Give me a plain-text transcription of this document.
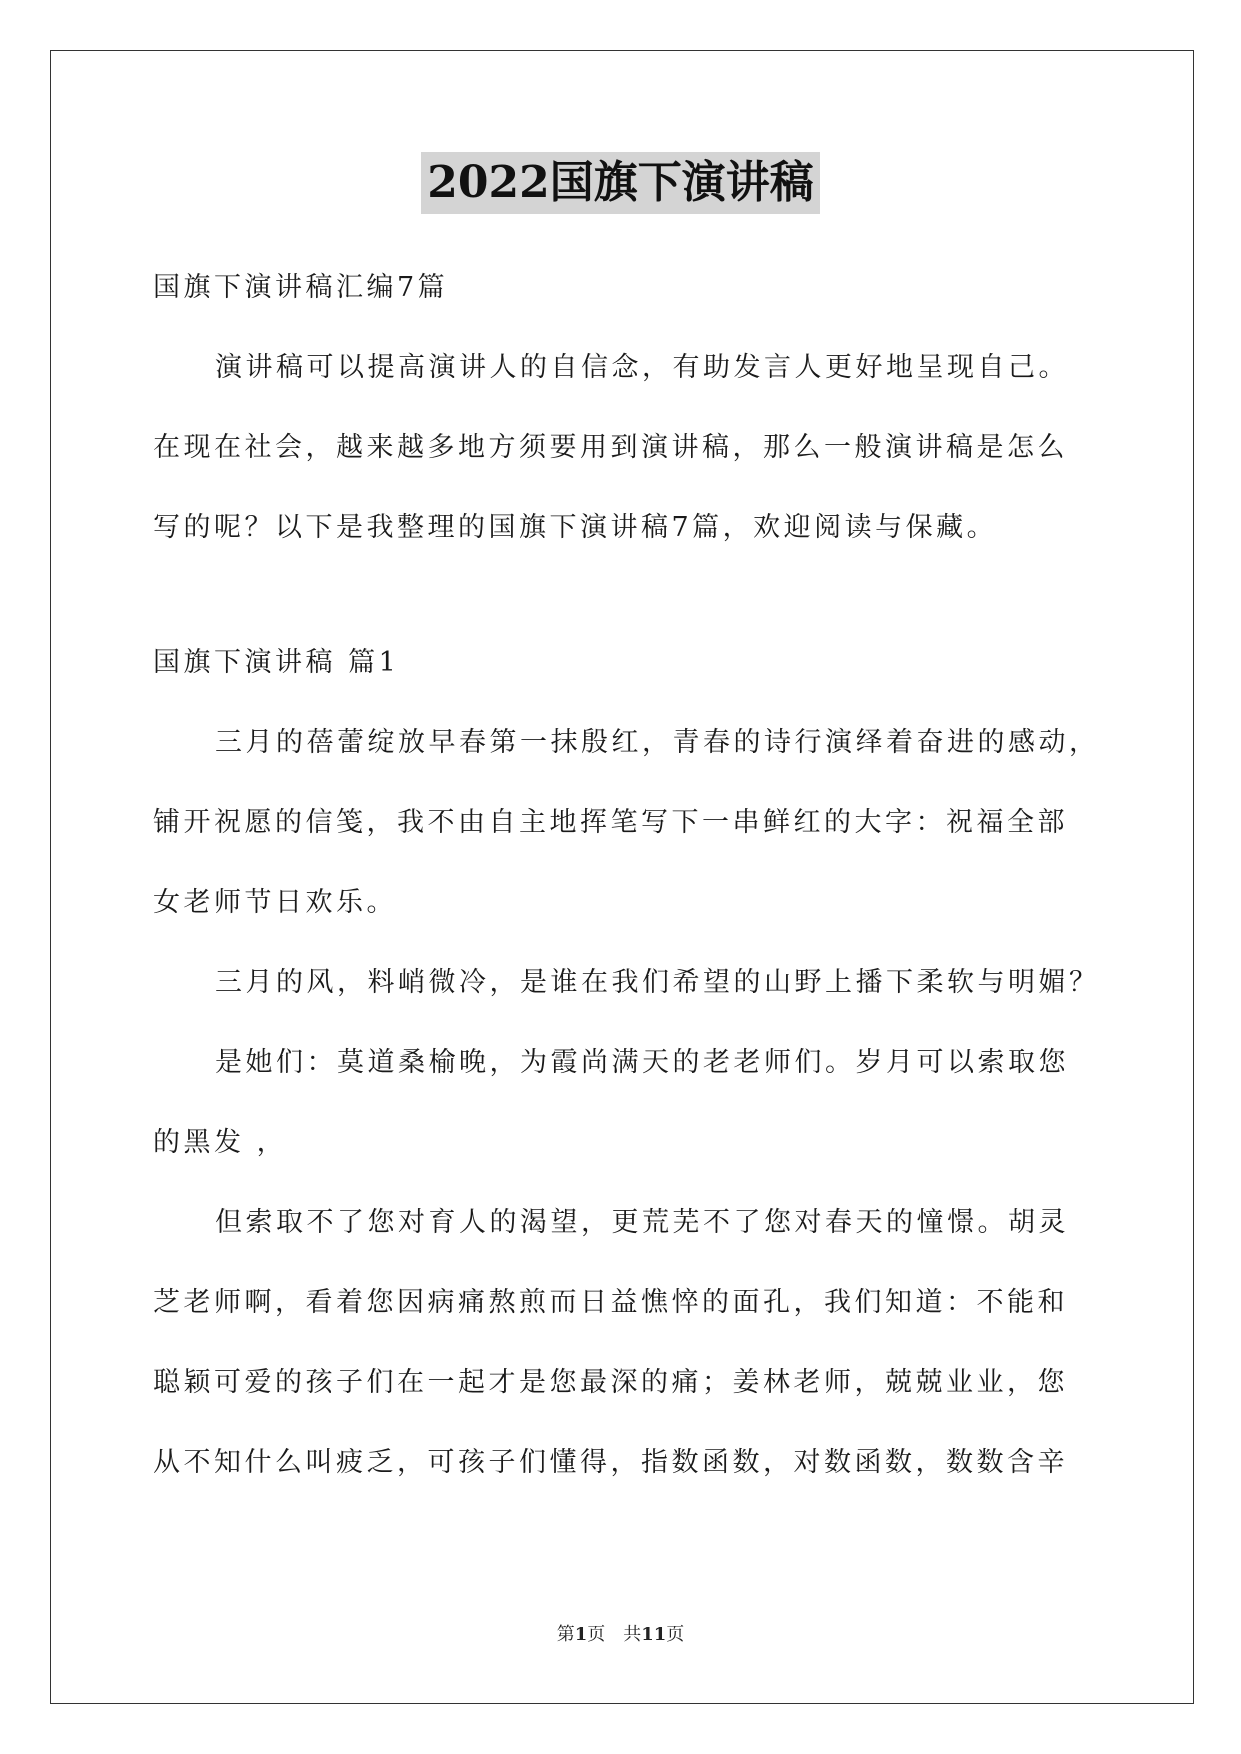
2022国旗下演讲稿
国旗下演讲稿汇编7篇
演讲稿可以提高演讲人的自信念，有助发言人更好地呈现自己。
在现在社会，越来越多地方须要用到演讲稿，那么一般演讲稿是怎么
写的呢？以下是我整理的国旗下演讲稿7篇，欢迎阅读与保藏。
国旗下演讲稿 篇1
三月的蓓蕾绽放早春第一抹殷红，青春的诗行演绎着奋进的感动，
铺开祝愿的信笺，我不由自主地挥笔写下一串鲜红的大字：祝福全部
女老师节日欢乐。
三月的风，料峭微冷，是谁在我们希望的山野上播下柔软与明媚？
是她们：莫道桑榆晚，为霞尚满天的老老师们。岁月可以索取您
的黑发 ，
但索取不了您对育人的渴望，更荒芜不了您对春天的憧憬。胡灵
芝老师啊，看着您因病痛熬煎而日益憔悴的面孔，我们知道：不能和
聪颖可爱的孩子们在一起才是您最深的痛；姜林老师，兢兢业业，您
从不知什么叫疲乏，可孩子们懂得，指数函数，对数函数，数数含辛
第1页　共11页
